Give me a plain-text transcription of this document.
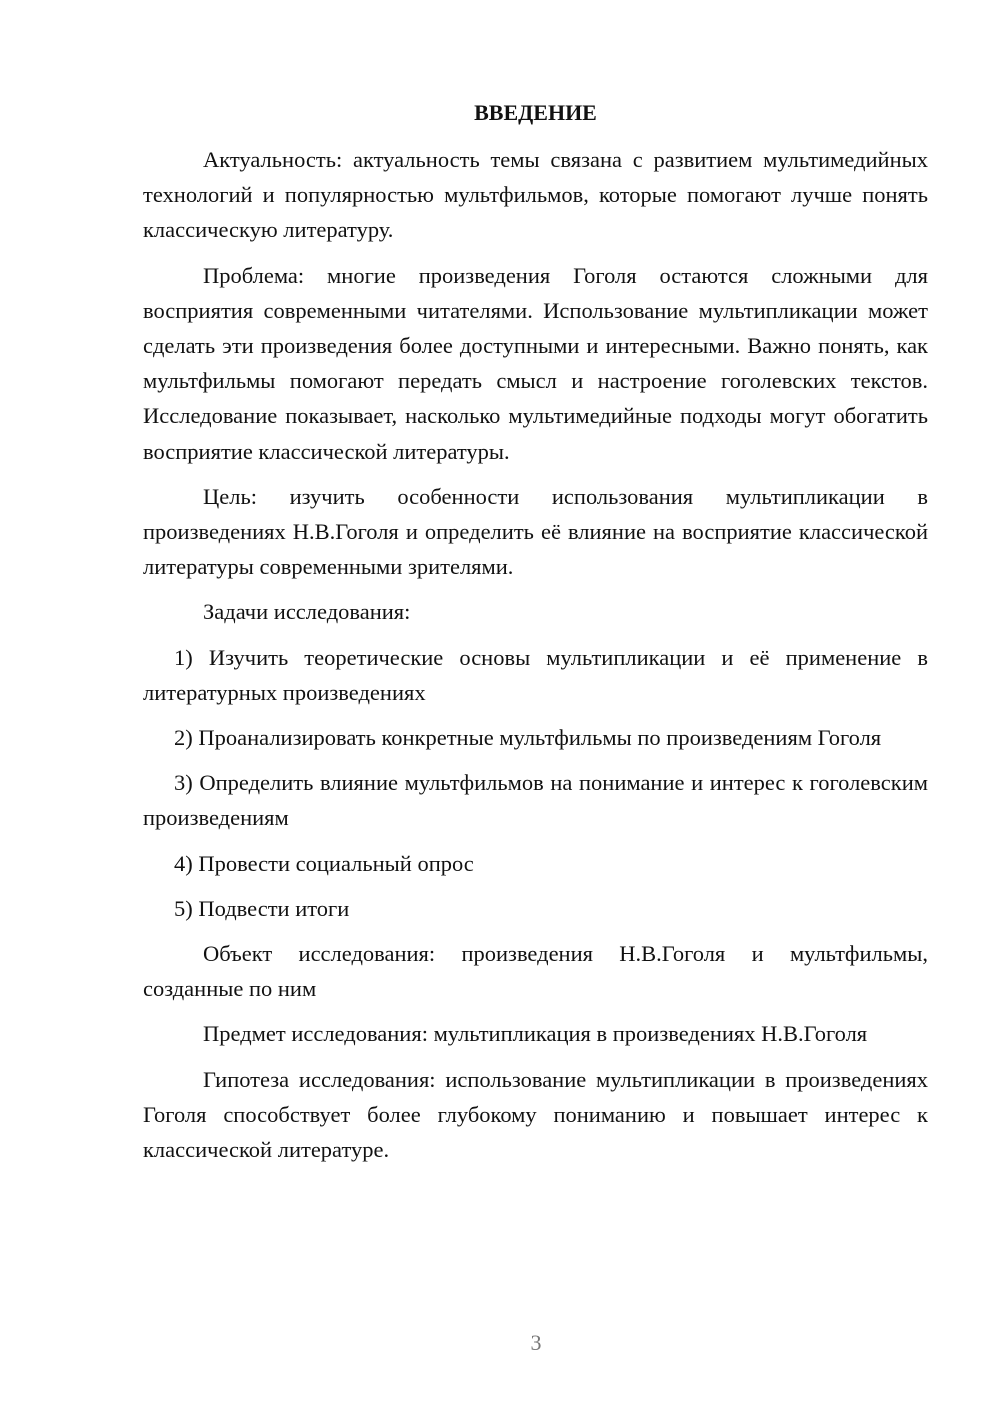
ВВЕДЕНИЕ

Актуальность: актуальность темы связана с развитием мультимедийных технологий и популярностью мультфильмов, которые помогают лучше понять классическую литературу.

Проблема: многие произведения Гоголя остаются сложными для восприятия современными читателями. Использование мультипликации может сделать эти произведения более доступными и интересными. Важно понять, как мультфильмы помогают передать смысл и настроение гоголевских текстов. Исследование показывает, насколько мультимедийные подходы могут обогатить восприятие классической литературы.

Цель: изучить особенности использования мультипликации в произведениях Н.В.Гоголя и определить её влияние на восприятие классической литературы современными зрителями.

Задачи исследования:

1) Изучить теоретические основы мультипликации и её применение в литературных произведениях

2) Проанализировать конкретные мультфильмы по произведениям Гоголя

3) Определить влияние мультфильмов на понимание и интерес к гоголевским произведениям

4) Провести социальный опрос

5) Подвести итоги

Объект исследования: произведения Н.В.Гоголя и мультфильмы, созданные по ним

Предмет исследования: мультипликация в произведениях Н.В.Гоголя

Гипотеза исследования: использование мультипликации в произведениях Гоголя способствует более глубокому пониманию и повышает интерес к классической литературе.

3
